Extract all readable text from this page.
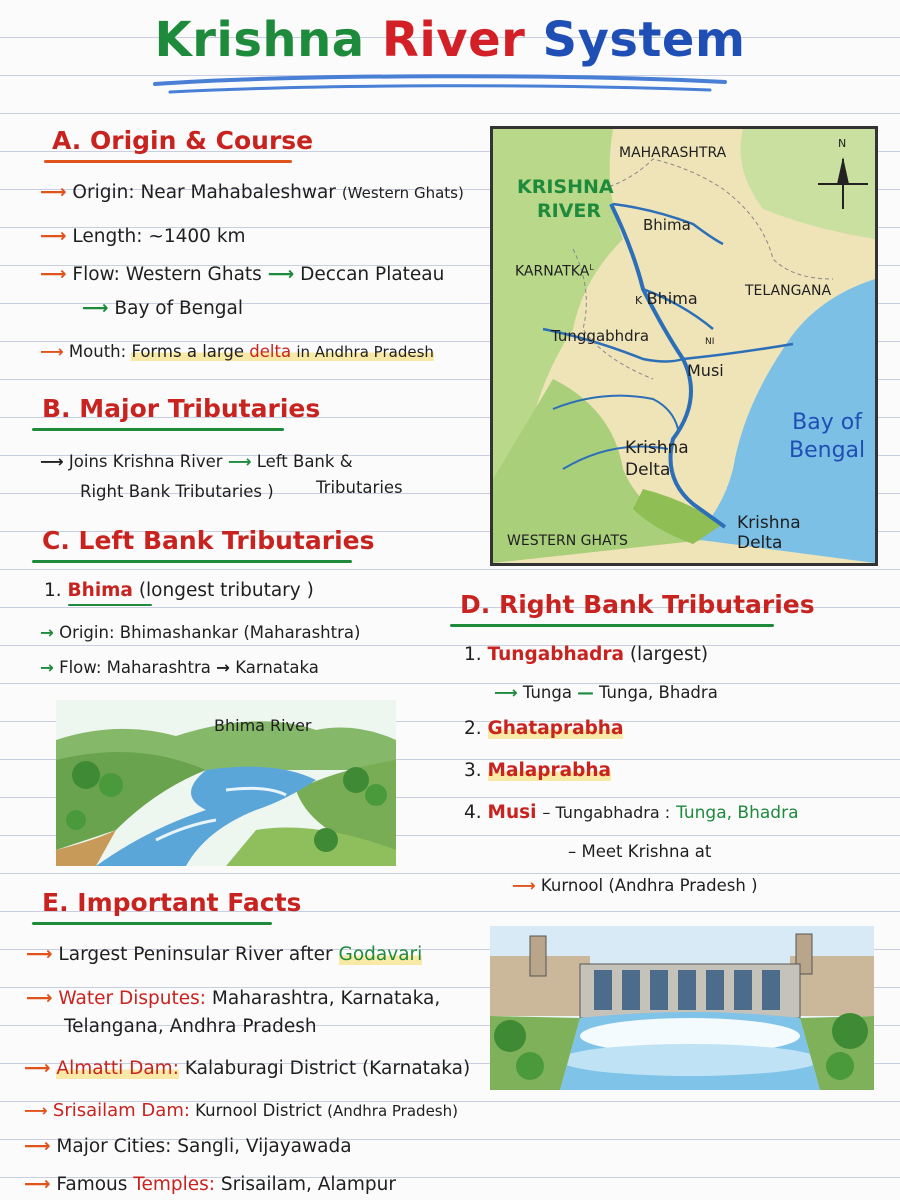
Krishna River System
A. Origin & Course
⟶ Origin: Near Mahabaleshwar (Western Ghats)
⟶ Length: ~1400 km
⟶ Flow: Western Ghats ⟶ Deccan Plateau
⟶ Bay of Bengal
⟶ Mouth: Forms a large delta in Andhra Pradesh
B. Major Tributaries
⟶ Joins Krishna River ⟶ Left Bank &
Right Bank Tributaries )	Tributaries
C. Left Bank Tributaries
1. Bhima (longest tributary )
→ Origin: Bhimashankar (Maharashtra)
→ Flow: Maharashtra → Karnataka
Bhima River
D. Right Bank Tributaries
1. Tungabhadra (largest)
⟶ Tunga — Tunga, Bhadra
2. Ghataprabha
3. Malaprabha
4. Musi – Tungabhadra : Tunga, Bhadra
– Meet Krishna at
⟶ Kurnool (Andhra Pradesh )
E. Important Facts
⟶ Largest Peninsular River after Godavari
⟶ Water Disputes: Maharashtra, Karnataka,
Telangana, Andhra Pradesh
⟶ Almatti Dam: Kalaburagi District (Karnataka)
⟶ Srisailam Dam: Kurnool District (Andhra Pradesh)
⟶ Major Cities: Sangli, Vijayawada
⟶ Famous Temples: Srisailam, Alampur
N
MAHARASHTRA
KRISHNA
RIVER
Bhima
$KARNATKA^L$
K Bhima	TELANGANA
Tunggabhdra	NI
Musi
Bay of
Bengal
Krishna
Delta
Krishna
Delta
WESTERN GHATS
